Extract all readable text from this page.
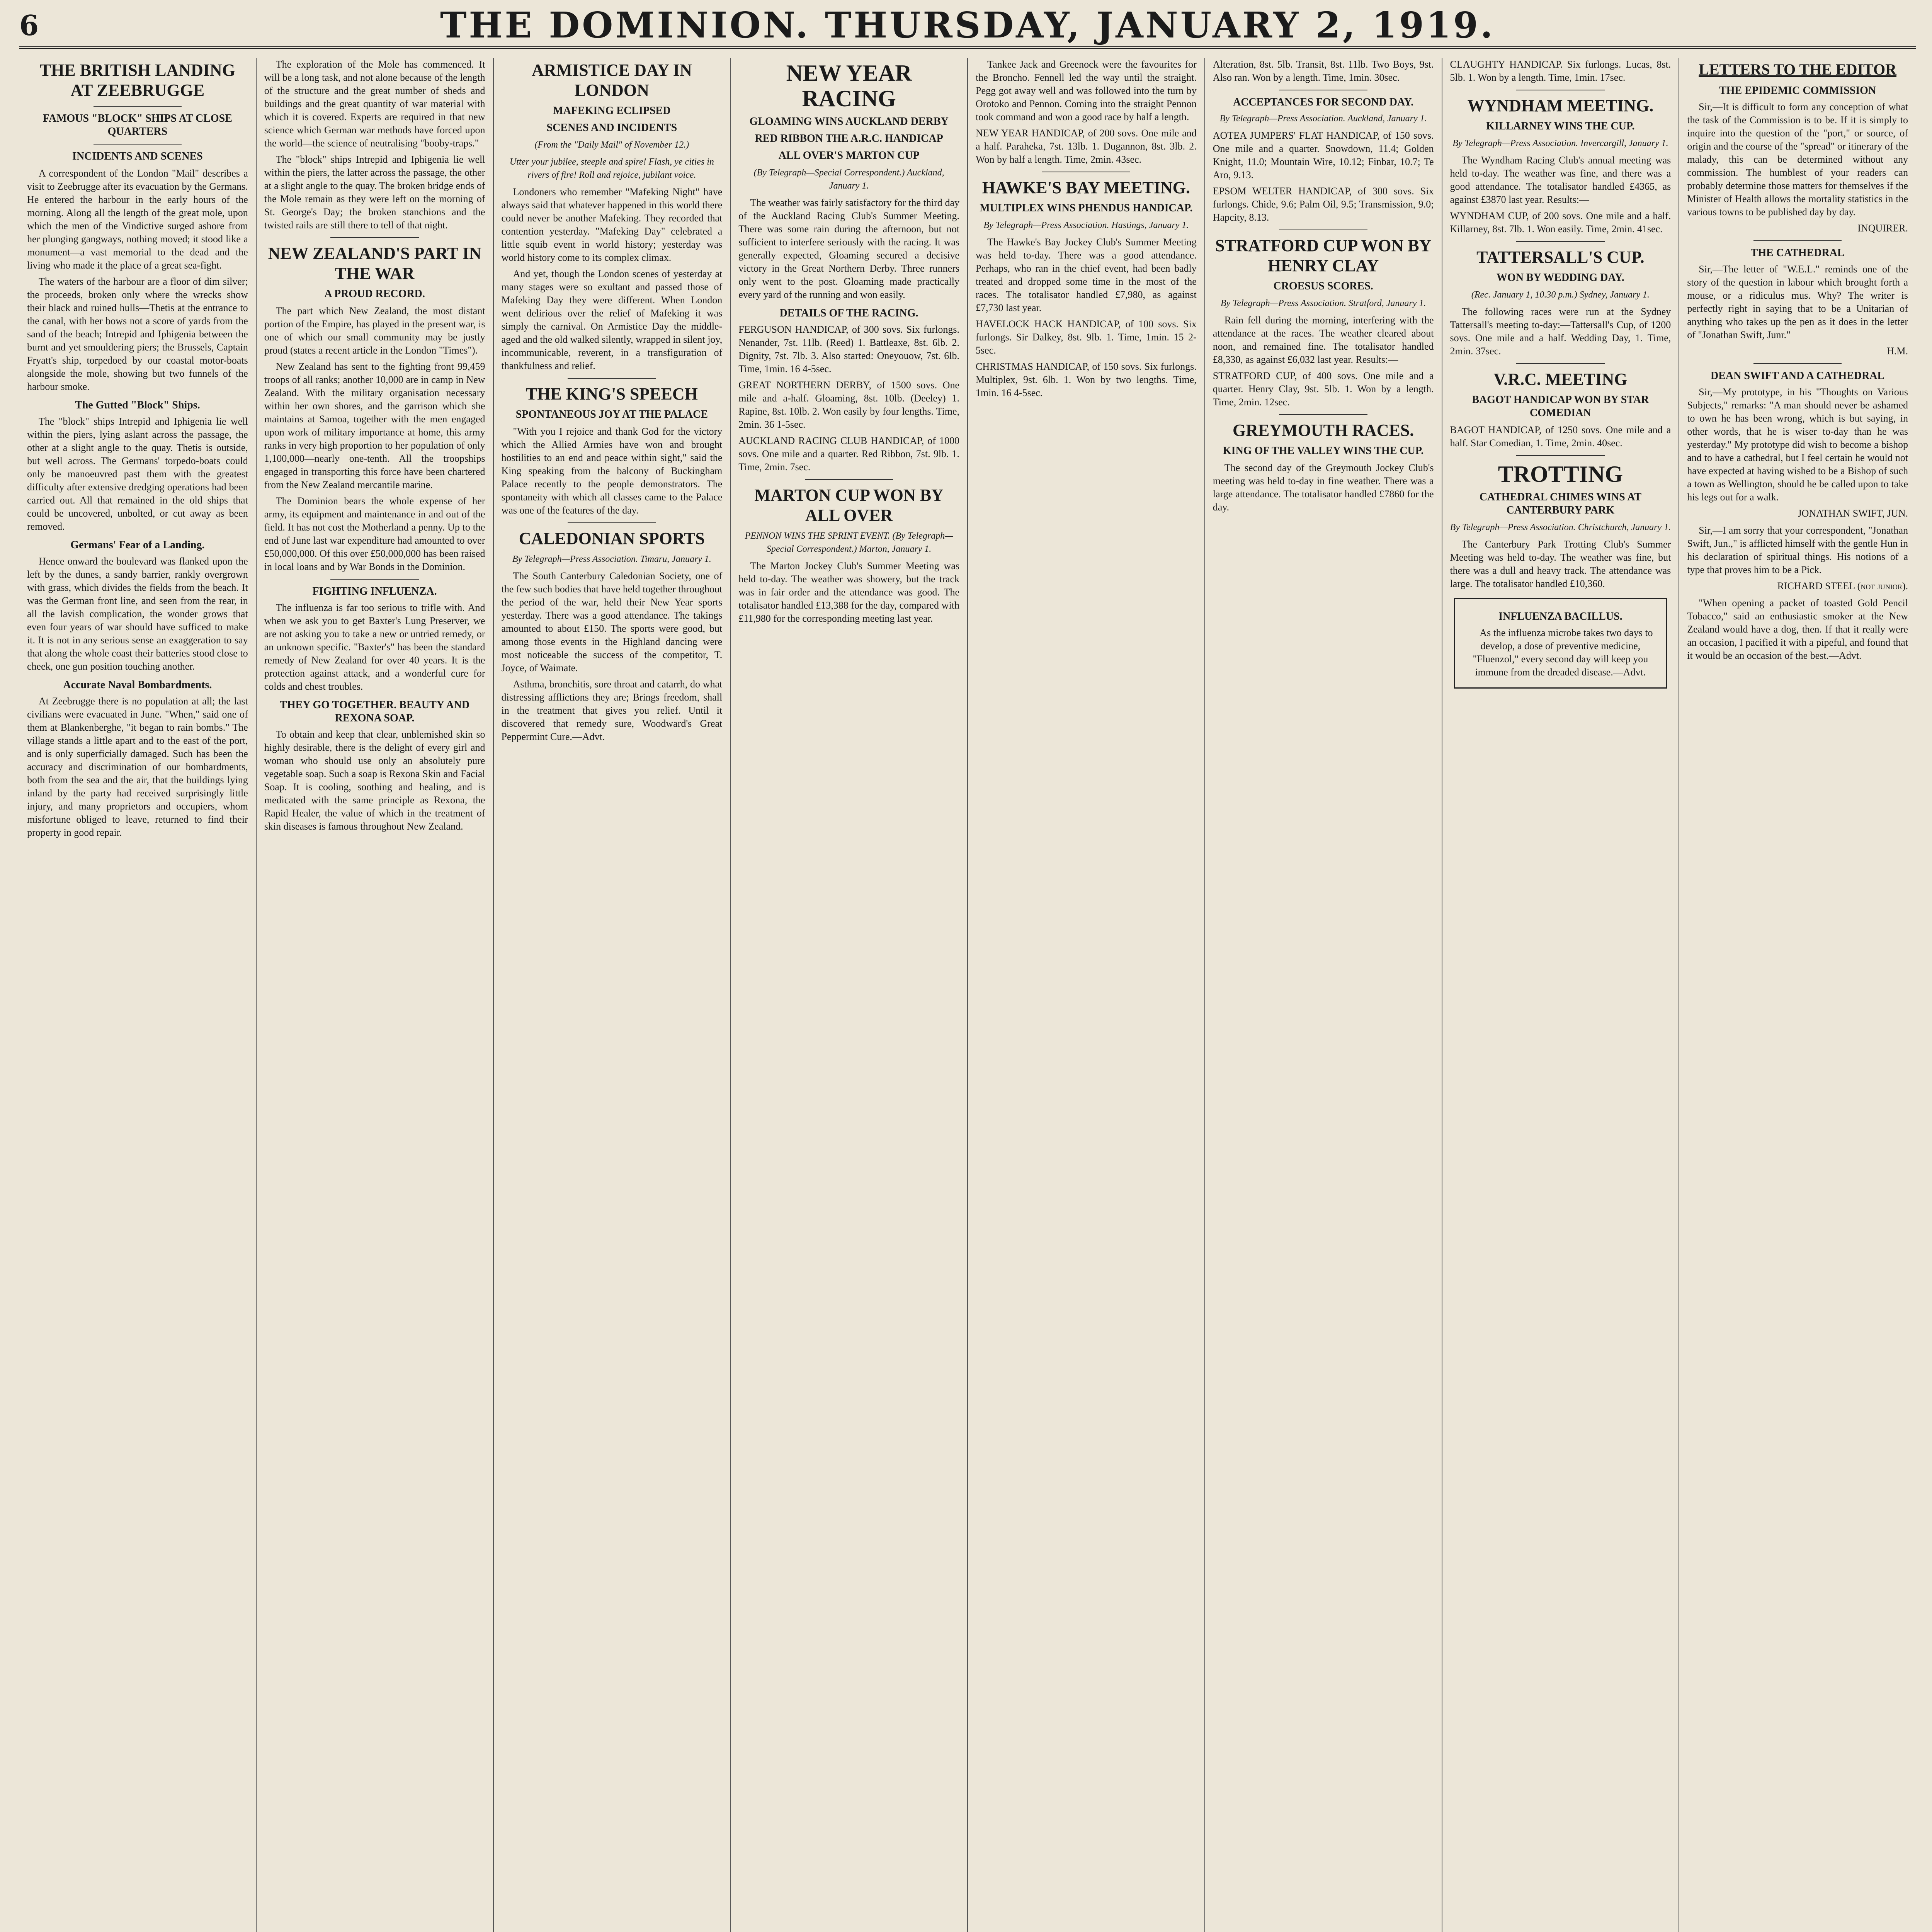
6	THE DOMINION. THURSDAY, JANUARY 2, 1919.
THE BRITISH LANDING AT ZEEBRUGGE
FAMOUS "BLOCK" SHIPS AT CLOSE QUARTERS
INCIDENTS AND SCENES

A correspondent of the London "Mail" describes a visit to Zeebrugge after its evacuation by the Germans. He entered the harbour in the early hours of the morning. Along all the length of the great mole, upon which the men of the Vindictive surged ashore from her plunging gangways, nothing moved; it stood like a monument—a vast memorial to the dead and the living who made it the place of a great sea-fight.

The waters of the harbour are a floor of dim silver; the proceeds, broken only where the wrecks show their black and ruined hulls—Thetis at the entrance to the canal, with her bows not a score of yards from the sand of the beach; Intrepid and Iphigenia between the burnt and yet smouldering piers; the Brussels, Captain Fryatt's ship, torpedoed by our coastal motor-boats alongside the mole, showing but two funnels of the harbour smoke.

The Gutted "Block" Ships.

The "block" ships Intrepid and Iphigenia lie well within the piers, lying aslant across the passage, the other at a slight angle to the quay. Thetis is outside, but well across. The Germans' torpedo-boats could only be manoeuvred past them with the greatest difficulty after extensive dredging operations had been carried out. All that remained in the old ships that could be uncovered, unbolted, or cut away as been removed.

Germans' Fear of a Landing.

Hence onward the boulevard was flanked upon the left by the dunes, a sandy barrier, rankly overgrown with grass, which divides the fields from the beach. It was the German front line, and seen from the rear, in all the lavish complication, the wonder grows that even four years of war should have sufficed to make it. It is not in any serious sense an exaggeration to say that along the whole coast their batteries stood close to cheek, one gun position touching another.

Accurate Naval Bombardments.

At Zeebrugge there is no population at all; the last civilians were evacuated in June. "When," said one of them at Blankenberghe, "it began to rain bombs." The village stands a little apart and to the east of the port, and is only superficially damaged. Such has been the accuracy and discrimination of our bombardments, both from the sea and the air, that the buildings lying inland by the party had received surprisingly little injury, and many proprietors and occupiers, whom misfortune obliged to leave, returned to find their property in good repair.

The exploration of the Mole has commenced. It will be a long task, and not alone because of the length of the structure and the great number of sheds and buildings and the great quantity of war material with which it is covered. Experts are required in that new science which German war methods have forced upon the world—the science of neutralising "booby-traps."

The "block" ships Intrepid and Iphigenia lie well within the piers, the latter across the passage, the other at a slight angle to the quay. The broken bridge ends of the Mole remain as they were left on the morning of St. George's Day; the broken stanchions and the twisted rails are still there to tell of that night.

NEW ZEALAND'S PART IN THE WAR
A PROUD RECORD.

The part which New Zealand, the most distant portion of the Empire, has played in the present war, is one of which our small community may be justly proud (states a recent article in the London "Times").

New Zealand has sent to the fighting front 99,459 troops of all ranks; another 10,000 are in camp in New Zealand. With the military organisation necessary within her own shores, and the garrison which she maintains at Samoa, together with the men engaged upon work of military importance at home, this army ranks in very high proportion to her population of only 1,100,000—nearly one-tenth. All the troopships engaged in transporting this force have been chartered from the New Zealand mercantile marine.

The Dominion bears the whole expense of her army, its equipment and maintenance in and out of the field. It has not cost the Motherland a penny. Up to the end of June last war expenditure had amounted to over £50,000,000. Of this over £50,000,000 has been raised in local loans and by War Bonds in the Dominion.

FIGHTING INFLUENZA.

The influenza is far too serious to trifle with. And when we ask you to get Baxter's Lung Preserver, we are not asking you to take a new or untried remedy, or an unknown specific. "Baxter's" has been the standard remedy of New Zealand for over 40 years. It is the protection against attack, and a wonderful cure for colds and chest troubles.

THEY GO TOGETHER. BEAUTY AND REXONA SOAP.

To obtain and keep that clear, unblemished skin so highly desirable, there is the delight of every girl and woman who should use only an absolutely pure vegetable soap. Such a soap is Rexona Skin and Facial Soap. It is cooling, soothing and healing, and is medicated with the same principle as Rexona, the Rapid Healer, the value of which in the treatment of skin diseases is famous throughout New Zealand.

ARMISTICE DAY IN LONDON
MAFEKING ECLIPSED
SCENES AND INCIDENTS
(From the "Daily Mail" of November 12.)
Utter your jubilee, steeple and spire! Flash, ye cities in rivers of fire! Roll and rejoice, jubilant voice.

Londoners who remember "Mafeking Night" have always said that whatever happened in this world there could never be another Mafeking. They recorded that contention yesterday. "Mafeking Day" celebrated a little squib event in world history; yesterday was world history come to its complex climax.

And yet, though the London scenes of yesterday at many stages were so exultant and passed those of Mafeking Day they were different. When London went delirious over the relief of Mafeking it was simply the carnival. On Armistice Day the middle-aged and the old walked silently, wrapped in silent joy, incommunicable, reverent, in a transfiguration of thankfulness and relief.

THE KING'S SPEECH
SPONTANEOUS JOY AT THE PALACE

"With you I rejoice and thank God for the victory which the Allied Armies have won and brought hostilities to an end and peace within sight," said the King speaking from the balcony of Buckingham Palace recently to the people demonstrators. The spontaneity with which all classes came to the Palace was one of the features of the day.

CALEDONIAN SPORTS
By Telegraph—Press Association. Timaru, January 1.

The South Canterbury Caledonian Society, one of the few such bodies that have held together throughout the period of the war, held their New Year sports yesterday. There was a good attendance. The takings amounted to about £150. The sports were good, but among those events in the Highland dancing were most noticeable the success of the competitor, T. Joyce, of Waimate.

Asthma, bronchitis, sore throat and catarrh, do what distressing afflictions they are; Brings freedom, shall in the treatment that gives you relief. Until it discovered that remedy sure, Woodward's Great Peppermint Cure.—Advt.

NEW YEAR RACING
GLOAMING WINS AUCKLAND DERBY
RED RIBBON THE A.R.C. HANDICAP
ALL OVER'S MARTON CUP
(By Telegraph—Special Correspondent.) Auckland, January 1.

The weather was fairly satisfactory for the third day of the Auckland Racing Club's Summer Meeting. There was some rain during the afternoon, but not sufficient to interfere seriously with the racing. It was generally expected, Gloaming secured a decisive victory in the Great Northern Derby. Three runners only went to the post. Gloaming made practically every yard of the running and won easily.

DETAILS OF THE RACING.

FERGUSON HANDICAP, of 300 sovs. Six furlongs. Nenander, 7st. 11lb. (Reed) 1. Battleaxe, 8st. 6lb. 2. Dignity, 7st. 7lb. 3. Also started: Oneyouow, 7st. 6lb. Time, 1min. 16 4-5sec.

GREAT NORTHERN DERBY, of 1500 sovs. One mile and a-half. Gloaming, 8st. 10lb. (Deeley) 1. Rapine, 8st. 10lb. 2. Won easily by four lengths. Time, 2min. 36 1-5sec.

AUCKLAND RACING CLUB HANDICAP, of 1000 sovs. One mile and a quarter. Red Ribbon, 7st. 9lb. 1. Time, 2min. 7sec.

MARTON CUP WON BY ALL OVER
PENNON WINS THE SPRINT EVENT. (By Telegraph—Special Correspondent.) Marton, January 1.

The Marton Jockey Club's Summer Meeting was held to-day. The weather was showery, but the track was in fair order and the attendance was good. The totalisator handled £13,388 for the day, compared with £11,980 for the corresponding meeting last year.

Tankee Jack and Greenock were the favourites for the Broncho. Fennell led the way until the straight. Pegg got away well and was followed into the turn by Orotoko and Pennon. Coming into the straight Pennon took command and won a good race by half a length.

NEW YEAR HANDICAP, of 200 sovs. One mile and a half. Paraheka, 7st. 13lb. 1. Dugannon, 8st. 3lb. 2. Won by half a length. Time, 2min. 43sec.

HAWKE'S BAY MEETING.
MULTIPLEX WINS PHENDUS HANDICAP.
By Telegraph—Press Association. Hastings, January 1.

The Hawke's Bay Jockey Club's Summer Meeting was held to-day. There was a good attendance. Perhaps, who ran in the chief event, had been badly treated and dropped some time in the most of the races. The totalisator handled £7,980, as against £7,730 last year.

HAVELOCK HACK HANDICAP, of 100 sovs. Six furlongs. Sir Dalkey, 8st. 9lb. 1. Time, 1min. 15 2-5sec.

CHRISTMAS HANDICAP, of 150 sovs. Six furlongs. Multiplex, 9st. 6lb. 1. Won by two lengths. Time, 1min. 16 4-5sec.

Alteration, 8st. 5lb. Transit, 8st. 11lb. Two Boys, 9st. Also ran. Won by a length. Time, 1min. 30sec.

ACCEPTANCES FOR SECOND DAY.
By Telegraph—Press Association. Auckland, January 1.

AOTEA JUMPERS' FLAT HANDICAP, of 150 sovs. One mile and a quarter. Snowdown, 11.4; Golden Knight, 11.0; Mountain Wire, 10.12; Finbar, 10.7; Te Aro, 9.13.

EPSOM WELTER HANDICAP, of 300 sovs. Six furlongs. Chide, 9.6; Palm Oil, 9.5; Transmission, 9.0; Hapcity, 8.13.

STRATFORD CUP WON BY HENRY CLAY
CROESUS SCORES.
By Telegraph—Press Association. Stratford, January 1.

Rain fell during the morning, interfering with the attendance at the races. The weather cleared about noon, and remained fine. The totalisator handled £8,330, as against £6,032 last year. Results:—

STRATFORD CUP, of 400 sovs. One mile and a quarter. Henry Clay, 9st. 5lb. 1. Won by a length. Time, 2min. 12sec.

GREYMOUTH RACES.
KING OF THE VALLEY WINS THE CUP.

The second day of the Greymouth Jockey Club's meeting was held to-day in fine weather. There was a large attendance. The totalisator handled £7860 for the day.

CLAUGHTY HANDICAP. Six furlongs. Lucas, 8st. 5lb. 1. Won by a length. Time, 1min. 17sec.

WYNDHAM MEETING.
KILLARNEY WINS THE CUP.
By Telegraph—Press Association. Invercargill, January 1.

The Wyndham Racing Club's annual meeting was held to-day. The weather was fine, and there was a good attendance. The totalisator handled £4365, as against £3870 last year. Results:—

WYNDHAM CUP, of 200 sovs. One mile and a half. Killarney, 8st. 7lb. 1. Won easily. Time, 2min. 41sec.

TATTERSALL'S CUP.
WON BY WEDDING DAY.
(Rec. January 1, 10.30 p.m.) Sydney, January 1.

The following races were run at the Sydney Tattersall's meeting to-day:—Tattersall's Cup, of 1200 sovs. One mile and a half. Wedding Day, 1. Time, 2min. 37sec.

V.R.C. MEETING
BAGOT HANDICAP WON BY STAR COMEDIAN

BAGOT HANDICAP, of 1250 sovs. One mile and a half. Star Comedian, 1. Time, 2min. 40sec.

TROTTING
CATHEDRAL CHIMES WINS AT CANTERBURY PARK
By Telegraph—Press Association. Christchurch, January 1.

The Canterbury Park Trotting Club's Summer Meeting was held to-day. The weather was fine, but there was a dull and heavy track. The attendance was large. The totalisator handled £10,360.

INFLUENZA BACILLUS.

As the influenza microbe takes two days to develop, a dose of preventive medicine, "Fluenzol," every second day will keep you immune from the dreaded disease.—Advt.

LETTERS TO THE EDITOR
THE EPIDEMIC COMMISSION

Sir,—It is difficult to form any conception of what the task of the Commission is to be. If it is simply to inquire into the question of the "port," or source, of origin and the course of the "spread" or itinerary of the malady, this can be determined without any commission. The humblest of your readers can probably determine those matters for themselves if the Minister of Health allows the mortality statistics in the various towns to be published day by day.

INQUIRER.
THE CATHEDRAL

Sir,—The letter of "W.E.L." reminds one of the story of the question in labour which brought forth a mouse, or a ridiculus mus. Why? The writer is perfectly right in saying that to be a Unitarian of anything who takes up the pen as it does in the letter of "Jonathan Swift, Junr."

H.M.
DEAN SWIFT AND A CATHEDRAL

Sir,—My prototype, in his "Thoughts on Various Subjects," remarks: "A man should never be ashamed to own he has been wrong, which is but saying, in other words, that he is wiser to-day than he was yesterday." My prototype did wish to become a bishop and to have a cathedral, but I feel certain he would not have expected at having wished to be a Bishop of such a town as Wellington, should he be called upon to take his legs out for a walk.

JONATHAN SWIFT, JUN.

Sir,—I am sorry that your correspondent, "Jonathan Swift, Jun.," is afflicted himself with the gentle Hun in his declaration of spiritual things. His notions of a type that proves him to be a Pick.

RICHARD STEEL (not junior).

"When opening a packet of toasted Gold Pencil Tobacco," said an enthusiastic smoker at the New Zealand would have a dog, then. If that it really were an occasion, I pacified it with a pipeful, and found that it would be an occasion of the best.—Advt.
